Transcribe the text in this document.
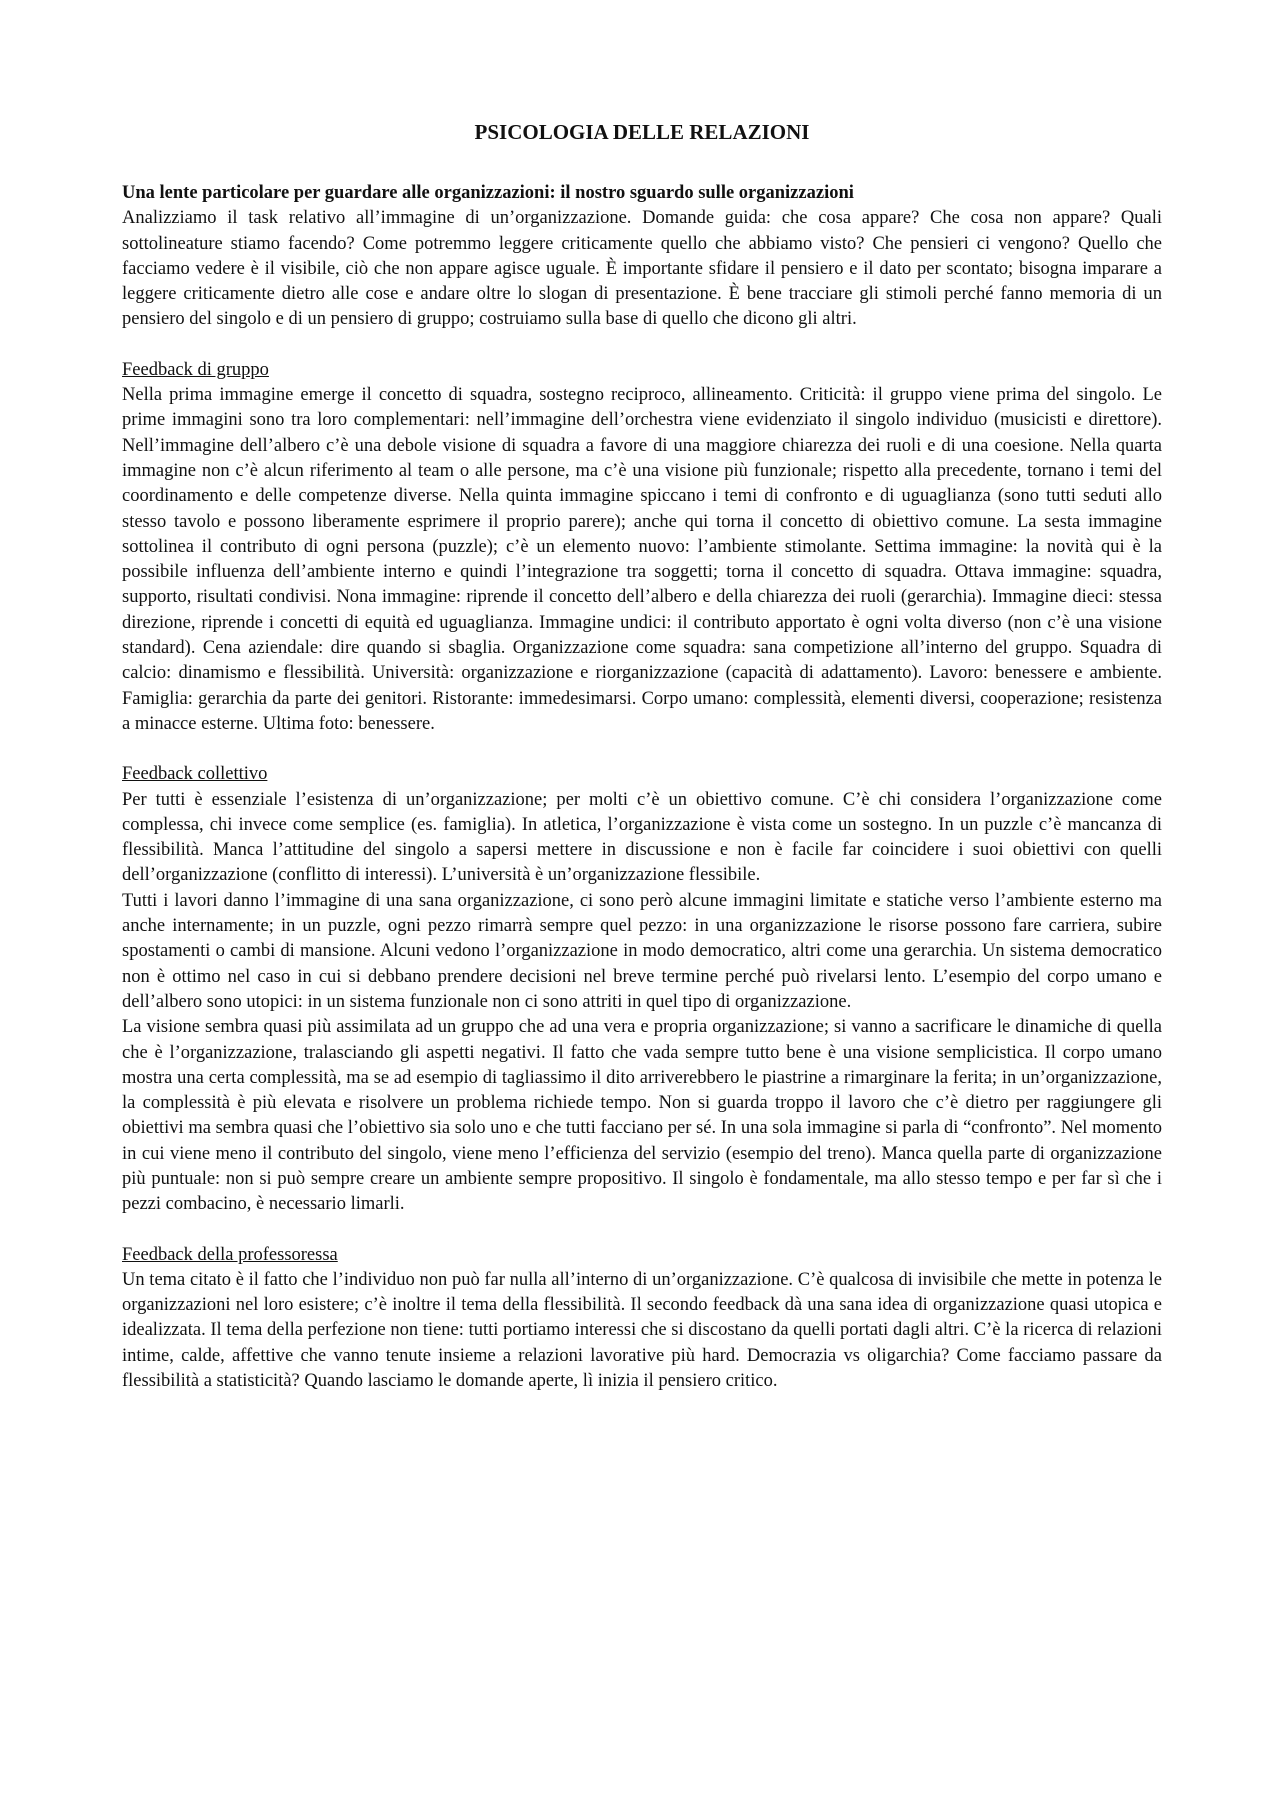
PSICOLOGIA DELLE RELAZIONI
Una lente particolare per guardare alle organizzazioni: il nostro sguardo sulle organizzazioni
Analizziamo il task relativo all’immagine di un’organizzazione. Domande guida: che cosa appare? Che cosa non appare? Quali sottolineature stiamo facendo? Come potremmo leggere criticamente quello che abbiamo visto? Che pensieri ci vengono? Quello che facciamo vedere è il visibile, ciò che non appare agisce uguale. È importante sfidare il pensiero e il dato per scontato; bisogna imparare a leggere criticamente dietro alle cose e andare oltre lo slogan di presentazione. È bene tracciare gli stimoli perché fanno memoria di un pensiero del singolo e di un pensiero di gruppo; costruiamo sulla base di quello che dicono gli altri.
Feedback di gruppo

Nella prima immagine emerge il concetto di squadra, sostegno reciproco, allineamento. Criticità: il gruppo viene prima del singolo. Le prime immagini sono tra loro complementari: nell’immagine dell’orchestra viene evidenziato il singolo individuo (musicisti e direttore). Nell’immagine dell’albero c’è una debole visione di squadra a favore di una maggiore chiarezza dei ruoli e di una coesione. Nella quarta immagine non c’è alcun riferimento al team o alle persone, ma c’è una visione più funzionale; rispetto alla precedente, tornano i temi del coordinamento e delle competenze diverse. Nella quinta immagine spiccano i temi di confronto e di uguaglianza (sono tutti seduti allo stesso tavolo e possono liberamente esprimere il proprio parere); anche qui torna il concetto di obiettivo comune. La sesta immagine sottolinea il contributo di ogni persona (puzzle); c’è un elemento nuovo: l’ambiente stimolante. Settima immagine: la novità qui è la possibile influenza dell’ambiente interno e quindi l’integrazione tra soggetti; torna il concetto di squadra. Ottava immagine: squadra, supporto, risultati condivisi. Nona immagine: riprende il concetto dell’albero e della chiarezza dei ruoli (gerarchia). Immagine dieci: stessa direzione, riprende i concetti di equità ed uguaglianza. Immagine undici: il contributo apportato è ogni volta diverso (non c’è una visione standard). Cena aziendale: dire quando si sbaglia. Organizzazione come squadra: sana competizione all’interno del gruppo. Squadra di calcio: dinamismo e flessibilità. Università: organizzazione e riorganizzazione (capacità di adattamento). Lavoro: benessere e ambiente. Famiglia: gerarchia da parte dei genitori. Ristorante: immedesimarsi. Corpo umano: complessità, elementi diversi, cooperazione; resistenza a minacce esterne. Ultima foto: benessere.

Feedback collettivo

Per tutti è essenziale l’esistenza di un’organizzazione; per molti c’è un obiettivo comune. C’è chi considera l’organizzazione come complessa, chi invece come semplice (es. famiglia). In atletica, l’organizzazione è vista come un sostegno. In un puzzle c’è mancanza di flessibilità. Manca l’attitudine del singolo a sapersi mettere in discussione e non è facile far coincidere i suoi obiettivi con quelli dell’organizzazione (conflitto di interessi). L’università è un’organizzazione flessibile.

Tutti i lavori danno l’immagine di una sana organizzazione, ci sono però alcune immagini limitate e statiche verso l’ambiente esterno ma anche internamente; in un puzzle, ogni pezzo rimarrà sempre quel pezzo: in una organizzazione le risorse possono fare carriera, subire spostamenti o cambi di mansione. Alcuni vedono l’organizzazione in modo democratico, altri come una gerarchia. Un sistema democratico non è ottimo nel caso in cui si debbano prendere decisioni nel breve termine perché può rivelarsi lento. L’esempio del corpo umano e dell’albero sono utopici: in un sistema funzionale non ci sono attriti in quel tipo di organizzazione.

La visione sembra quasi più assimilata ad un gruppo che ad una vera e propria organizzazione; si vanno a sacrificare le dinamiche di quella che è l’organizzazione, tralasciando gli aspetti negativi. Il fatto che vada sempre tutto bene è una visione semplicistica. Il corpo umano mostra una certa complessità, ma se ad esempio di tagliassimo il dito arriverebbero le piastrine a rimarginare la ferita; in un’organizzazione, la complessità è più elevata e risolvere un problema richiede tempo. Non si guarda troppo il lavoro che c’è dietro per raggiungere gli obiettivi ma sembra quasi che l’obiettivo sia solo uno e che tutti facciano per sé. In una sola immagine si parla di “confronto”. Nel momento in cui viene meno il contributo del singolo, viene meno l’efficienza del servizio (esempio del treno). Manca quella parte di organizzazione più puntuale: non si può sempre creare un ambiente sempre propositivo. Il singolo è fondamentale, ma allo stesso tempo e per far sì che i pezzi combacino, è necessario limarli.

Feedback della professoressa

Un tema citato è il fatto che l’individuo non può far nulla all’interno di un’organizzazione. C’è qualcosa di invisibile che mette in potenza le organizzazioni nel loro esistere; c’è inoltre il tema della flessibilità. Il secondo feedback dà una sana idea di organizzazione quasi utopica e idealizzata. Il tema della perfezione non tiene: tutti portiamo interessi che si discostano da quelli portati dagli altri. C’è la ricerca di relazioni intime, calde, affettive che vanno tenute insieme a relazioni lavorative più hard. Democrazia vs oligarchia? Come facciamo passare da flessibilità a statisticità? Quando lasciamo le domande aperte, lì inizia il pensiero critico.
